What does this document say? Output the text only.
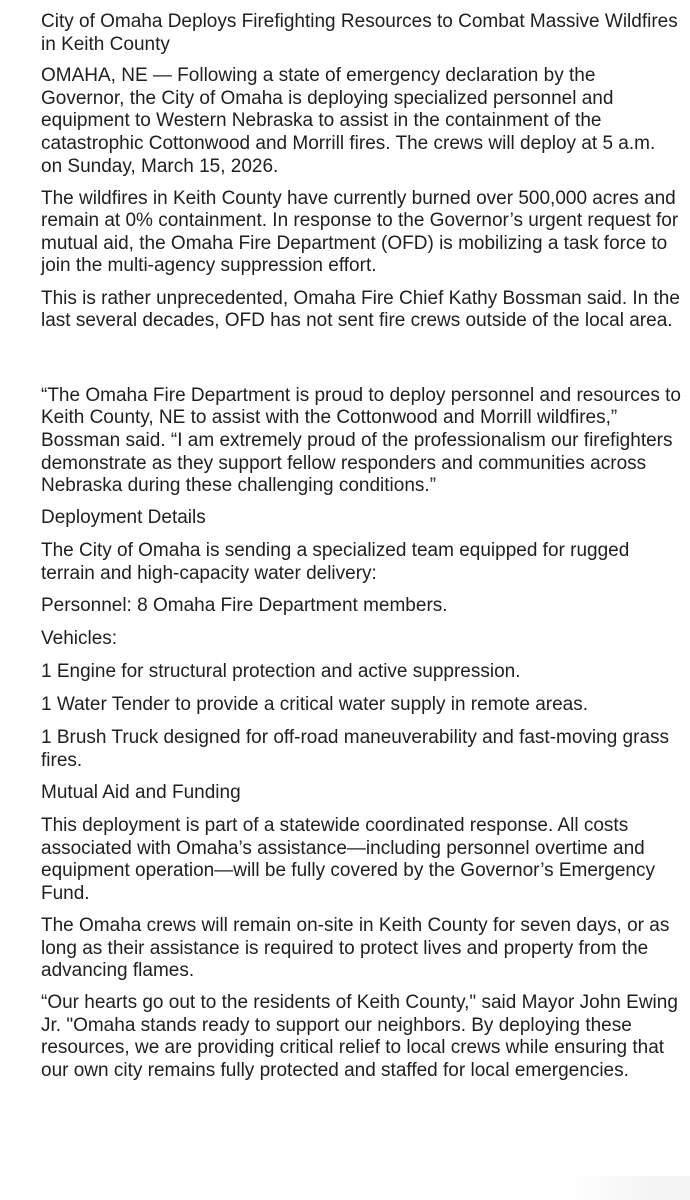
City of Omaha Deploys Firefighting Resources to Combat Massive Wildfires in Keith County

OMAHA, NE — Following a state of emergency declaration by the Governor, the City of Omaha is deploying specialized personnel and equipment to Western Nebraska to assist in the containment of the catastrophic Cottonwood and Morrill fires. The crews will deploy at 5 a.m. on Sunday, March 15, 2026.

The wildfires in Keith County have currently burned over 500,000 acres and remain at 0% containment. In response to the Governor’s urgent request for mutual aid, the Omaha Fire Department (OFD) is mobilizing a task force to join the multi-agency suppression effort.

This is rather unprecedented, Omaha Fire Chief Kathy Bossman said. In the last several decades, OFD has not sent fire crews outside of the local area.

“The Omaha Fire Department is proud to deploy personnel and resources to Keith County, NE to assist with the Cottonwood and Morrill wildfires,” Bossman said. “I am extremely proud of the professionalism our firefighters demonstrate as they support fellow responders and communities across Nebraska during these challenging conditions.”

Deployment Details

The City of Omaha is sending a specialized team equipped for rugged terrain and high-capacity water delivery:

Personnel: 8 Omaha Fire Department members.

Vehicles:

1 Engine for structural protection and active suppression.

1 Water Tender to provide a critical water supply in remote areas.

1 Brush Truck designed for off-road maneuverability and fast-moving grass fires.

Mutual Aid and Funding

This deployment is part of a statewide coordinated response. All costs associated with Omaha’s assistance—including personnel overtime and equipment operation—will be fully covered by the Governor’s Emergency Fund.

The Omaha crews will remain on-site in Keith County for seven days, or as long as their assistance is required to protect lives and property from the advancing flames.

“Our hearts go out to the residents of Keith County," said Mayor John Ewing Jr. "Omaha stands ready to support our neighbors. By deploying these resources, we are providing critical relief to local crews while ensuring that our own city remains fully protected and staffed for local emergencies.
